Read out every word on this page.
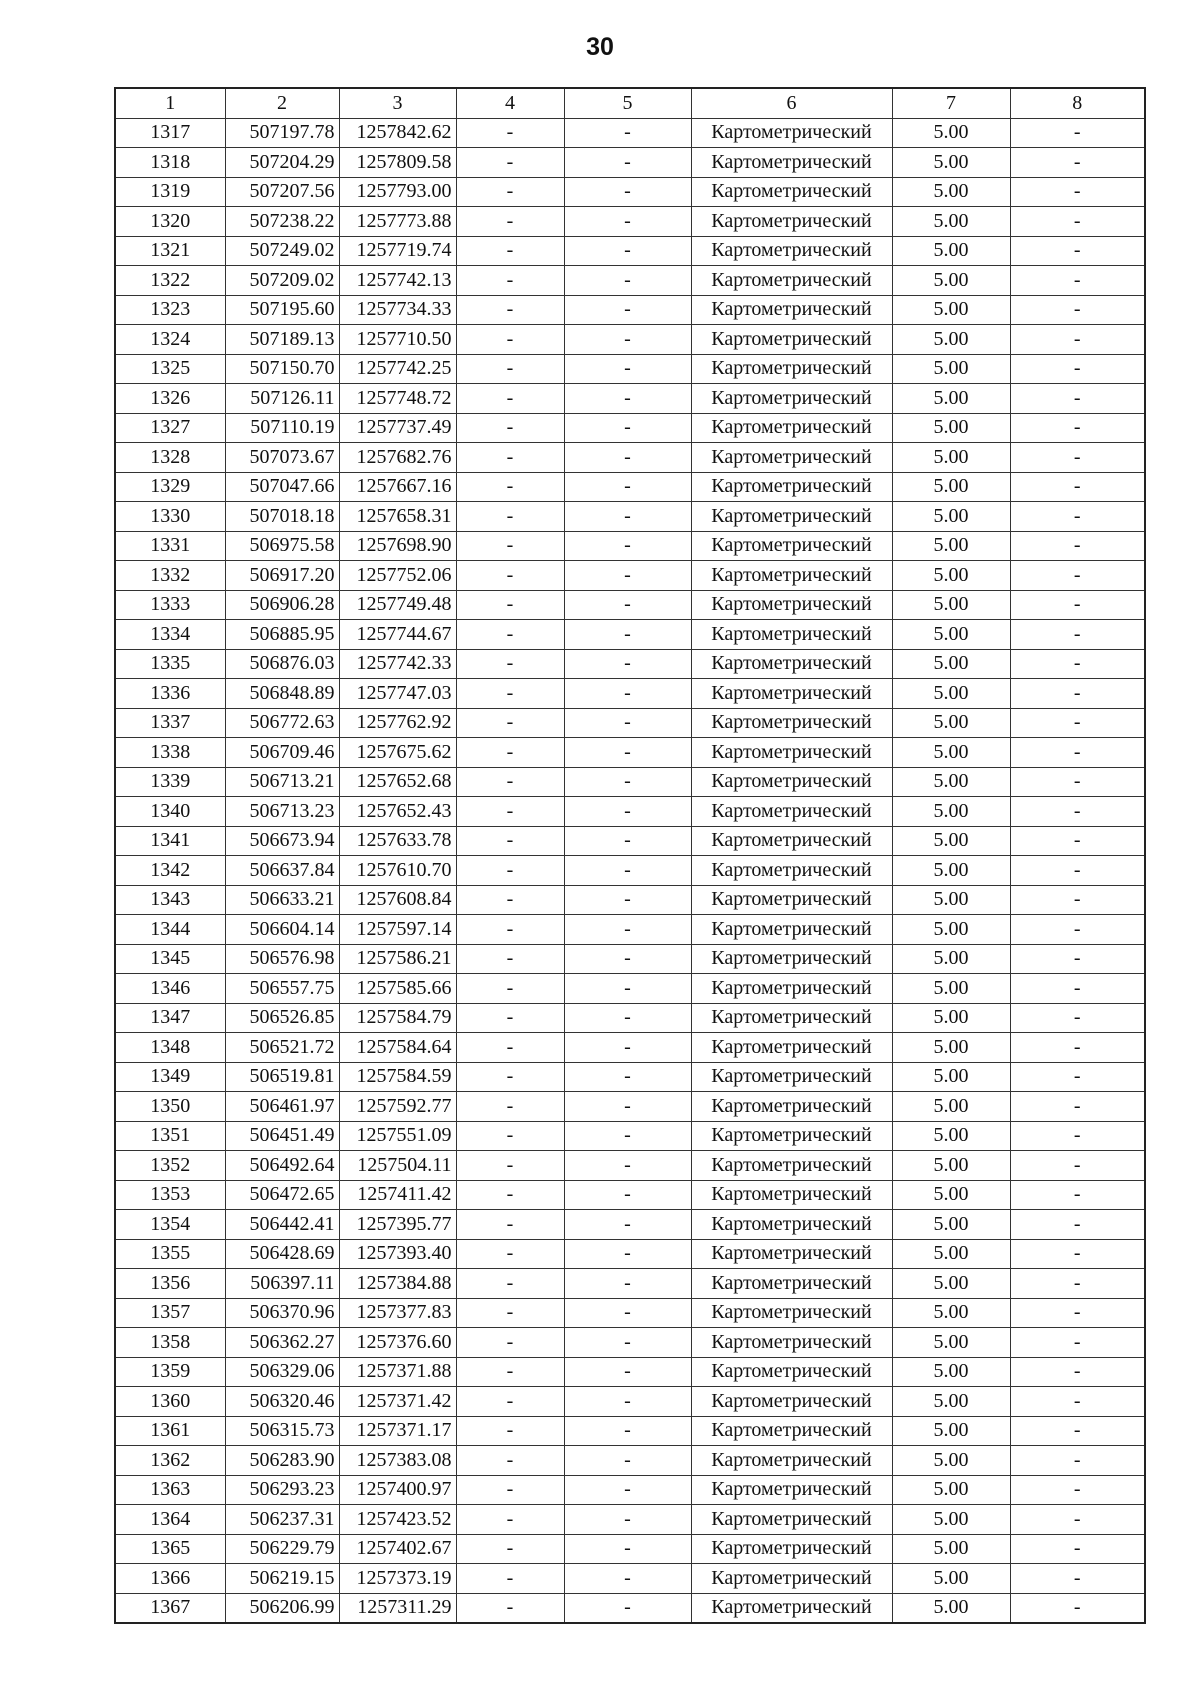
30
1	2	3	4	5	6	7	8
1317	507197.78	1257842.62	-	-	Картометрический	5.00	-
1318	507204.29	1257809.58	-	-	Картометрический	5.00	-
1319	507207.56	1257793.00	-	-	Картометрический	5.00	-
1320	507238.22	1257773.88	-	-	Картометрический	5.00	-
1321	507249.02	1257719.74	-	-	Картометрический	5.00	-
1322	507209.02	1257742.13	-	-	Картометрический	5.00	-
1323	507195.60	1257734.33	-	-	Картометрический	5.00	-
1324	507189.13	1257710.50	-	-	Картометрический	5.00	-
1325	507150.70	1257742.25	-	-	Картометрический	5.00	-
1326	507126.11	1257748.72	-	-	Картометрический	5.00	-
1327	507110.19	1257737.49	-	-	Картометрический	5.00	-
1328	507073.67	1257682.76	-	-	Картометрический	5.00	-
1329	507047.66	1257667.16	-	-	Картометрический	5.00	-
1330	507018.18	1257658.31	-	-	Картометрический	5.00	-
1331	506975.58	1257698.90	-	-	Картометрический	5.00	-
1332	506917.20	1257752.06	-	-	Картометрический	5.00	-
1333	506906.28	1257749.48	-	-	Картометрический	5.00	-
1334	506885.95	1257744.67	-	-	Картометрический	5.00	-
1335	506876.03	1257742.33	-	-	Картометрический	5.00	-
1336	506848.89	1257747.03	-	-	Картометрический	5.00	-
1337	506772.63	1257762.92	-	-	Картометрический	5.00	-
1338	506709.46	1257675.62	-	-	Картометрический	5.00	-
1339	506713.21	1257652.68	-	-	Картометрический	5.00	-
1340	506713.23	1257652.43	-	-	Картометрический	5.00	-
1341	506673.94	1257633.78	-	-	Картометрический	5.00	-
1342	506637.84	1257610.70	-	-	Картометрический	5.00	-
1343	506633.21	1257608.84	-	-	Картометрический	5.00	-
1344	506604.14	1257597.14	-	-	Картометрический	5.00	-
1345	506576.98	1257586.21	-	-	Картометрический	5.00	-
1346	506557.75	1257585.66	-	-	Картометрический	5.00	-
1347	506526.85	1257584.79	-	-	Картометрический	5.00	-
1348	506521.72	1257584.64	-	-	Картометрический	5.00	-
1349	506519.81	1257584.59	-	-	Картометрический	5.00	-
1350	506461.97	1257592.77	-	-	Картометрический	5.00	-
1351	506451.49	1257551.09	-	-	Картометрический	5.00	-
1352	506492.64	1257504.11	-	-	Картометрический	5.00	-
1353	506472.65	1257411.42	-	-	Картометрический	5.00	-
1354	506442.41	1257395.77	-	-	Картометрический	5.00	-
1355	506428.69	1257393.40	-	-	Картометрический	5.00	-
1356	506397.11	1257384.88	-	-	Картометрический	5.00	-
1357	506370.96	1257377.83	-	-	Картометрический	5.00	-
1358	506362.27	1257376.60	-	-	Картометрический	5.00	-
1359	506329.06	1257371.88	-	-	Картометрический	5.00	-
1360	506320.46	1257371.42	-	-	Картометрический	5.00	-
1361	506315.73	1257371.17	-	-	Картометрический	5.00	-
1362	506283.90	1257383.08	-	-	Картометрический	5.00	-
1363	506293.23	1257400.97	-	-	Картометрический	5.00	-
1364	506237.31	1257423.52	-	-	Картометрический	5.00	-
1365	506229.79	1257402.67	-	-	Картометрический	5.00	-
1366	506219.15	1257373.19	-	-	Картометрический	5.00	-
1367	506206.99	1257311.29	-	-	Картометрический	5.00	-
